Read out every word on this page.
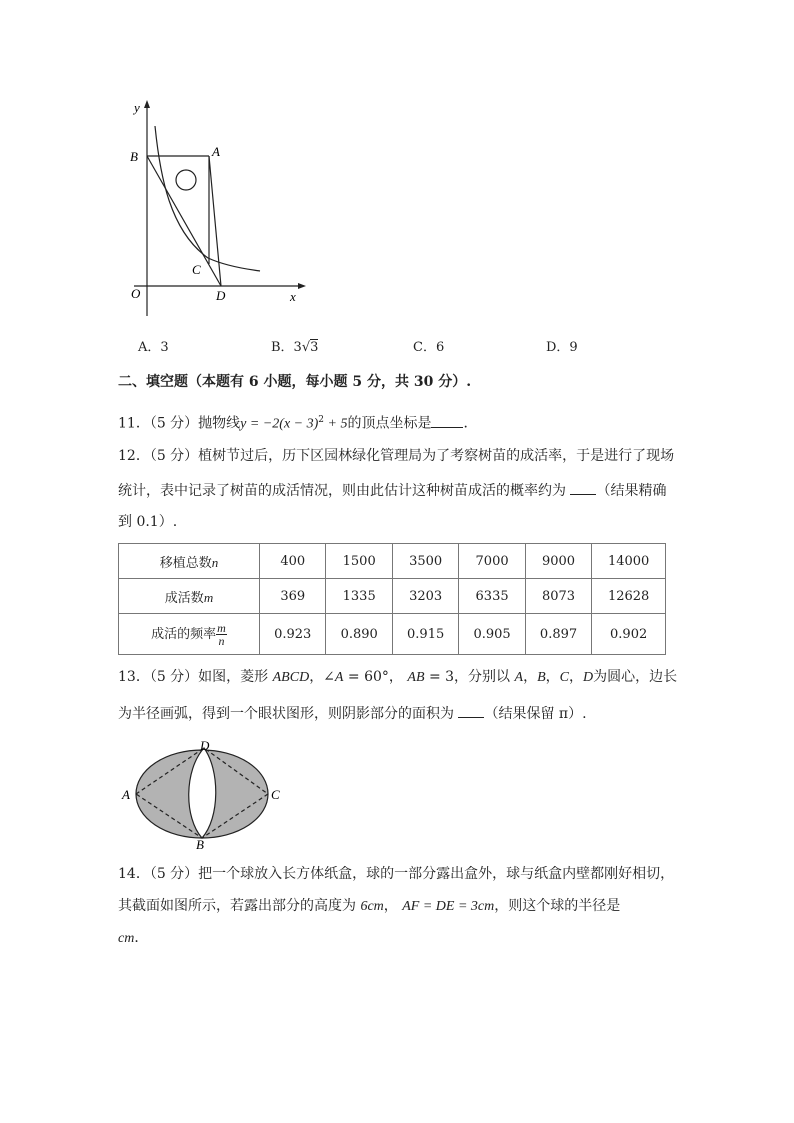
y
B	A
C
O	D	x
A．3	B．3√3	C．6	D．9
二、填空题（本题有 6 小题，每小题 5 分，共 30 分）.
11．（5 分）抛物线$y = -2(x - 3)^2 + 5$的顶点坐标是 ．
12．（5 分）植树节过后，历下区园林绿化管理局为了考察树苗的成活率，于是进行了现场
统计，表中记录了树苗的成活情况，则由此估计这种树苗成活的概率约为 （结果精确
到 0.1）.
移植总数n	400	1500	3500	7000	9000	14000
成活数m	369	1335	3203	6335	8073	12628
成活的频率 $\frac{m}{n}$	0.923	0.890	0.915	0.905	0.897	0.902
13．（5 分）如图，菱形 ABCD，∠A = 60°， AB = 3，分别以 A，B，C，D为圆心，边长
为半径画弧，得到一个眼状图形，则阴影部分的面积为 （结果保留 π）.
D
A	C
B
14．（5 分）把一个球放入长方体纸盒，球的一部分露出盒外，球与纸盒内壁都刚好相切，
其截面如图所示，若露出部分的高度为 6cm， AF = DE = 3cm，则这个球的半径是
cm．
